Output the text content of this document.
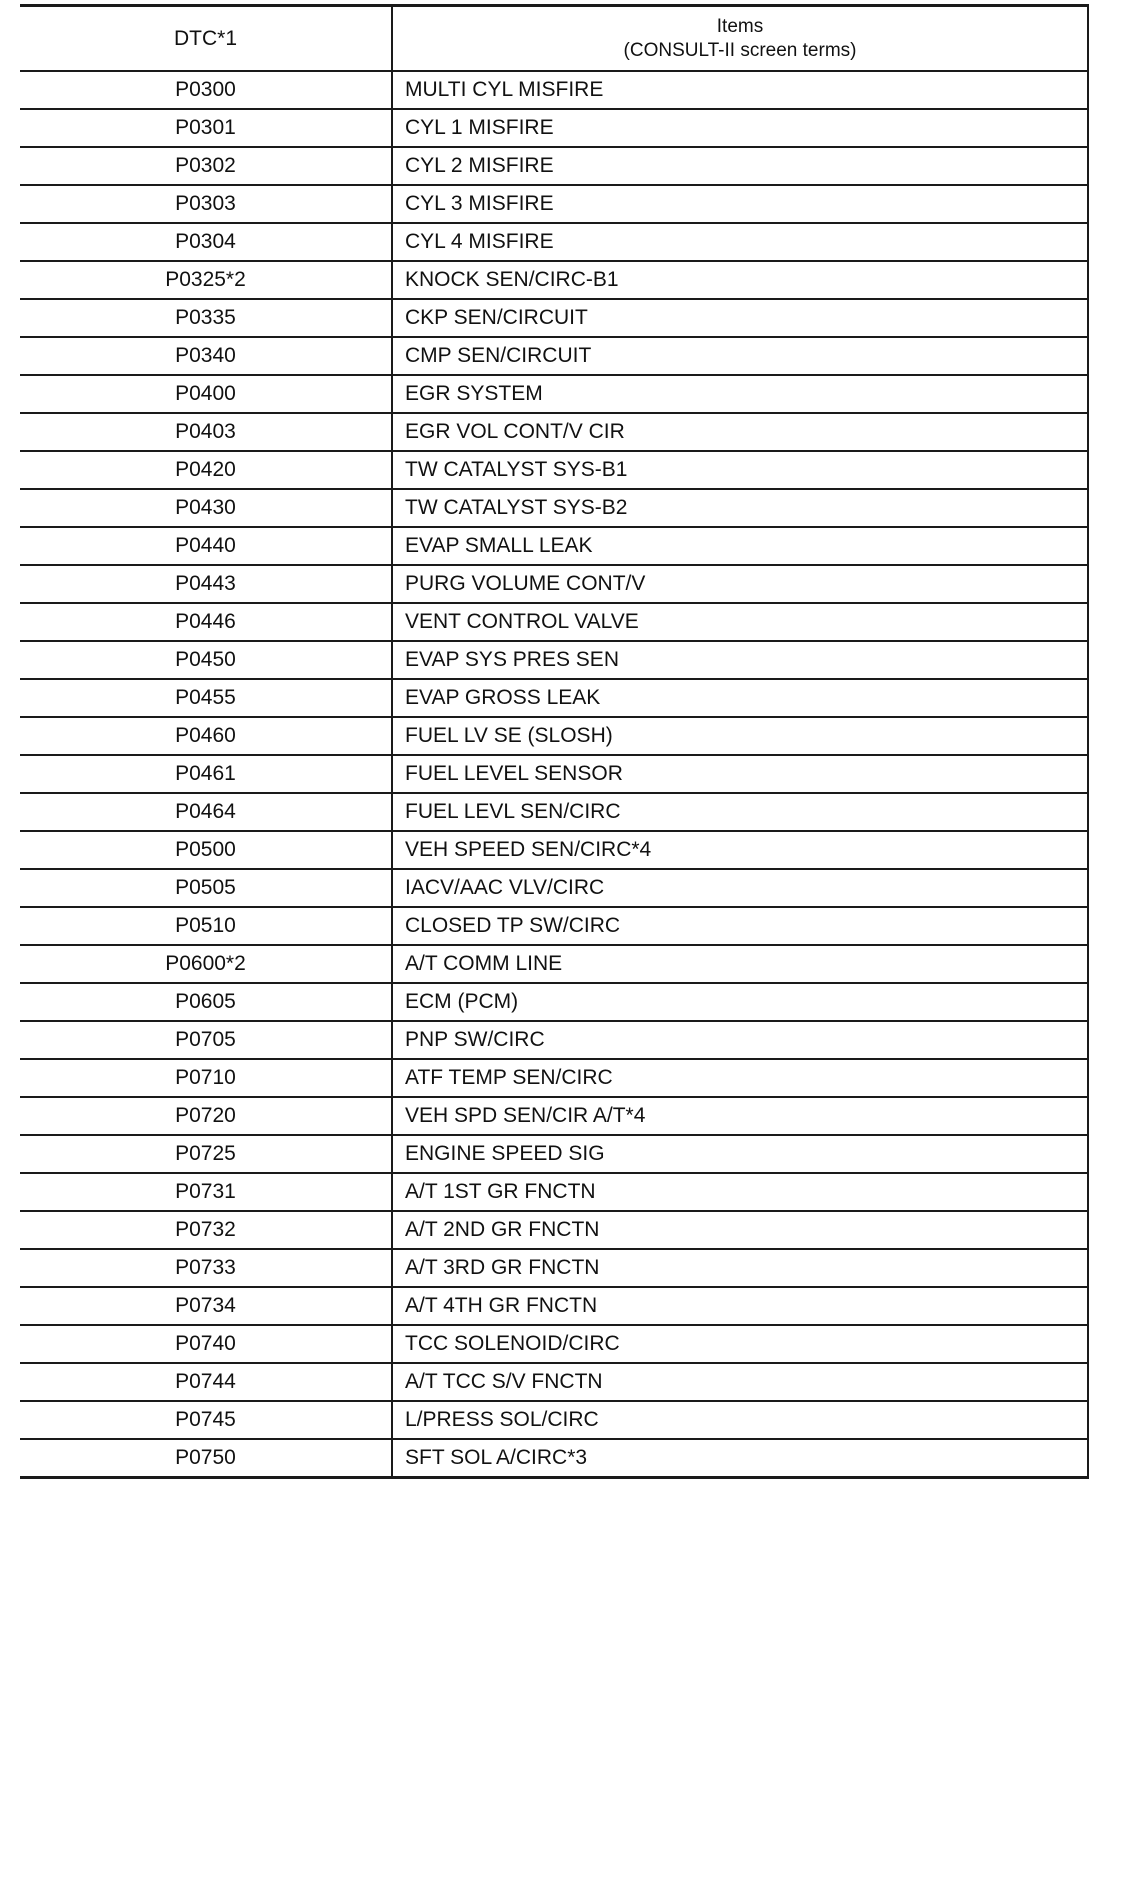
DTC*1	Items
(CONSULT-II screen terms)

P0300	MULTI CYL MISFIRE
P0301	CYL 1 MISFIRE
P0302	CYL 2 MISFIRE
P0303	CYL 3 MISFIRE
P0304	CYL 4 MISFIRE
P0325*2	KNOCK SEN/CIRC-B1
P0335	CKP SEN/CIRCUIT
P0340	CMP SEN/CIRCUIT
P0400	EGR SYSTEM
P0403	EGR VOL CONT/V CIR
P0420	TW CATALYST SYS-B1
P0430	TW CATALYST SYS-B2
P0440	EVAP SMALL LEAK
P0443	PURG VOLUME CONT/V
P0446	VENT CONTROL VALVE
P0450	EVAP SYS PRES SEN
P0455	EVAP GROSS LEAK
P0460	FUEL LV SE (SLOSH)
P0461	FUEL LEVEL SENSOR
P0464	FUEL LEVL SEN/CIRC
P0500	VEH SPEED SEN/CIRC*4
P0505	IACV/AAC VLV/CIRC
P0510	CLOSED TP SW/CIRC
P0600*2	A/T COMM LINE
P0605	ECM (PCM)
P0705	PNP SW/CIRC
P0710	ATF TEMP SEN/CIRC
P0720	VEH SPD SEN/CIR A/T*4
P0725	ENGINE SPEED SIG
P0731	A/T 1ST GR FNCTN
P0732	A/T 2ND GR FNCTN
P0733	A/T 3RD GR FNCTN
P0734	A/T 4TH GR FNCTN
P0740	TCC SOLENOID/CIRC
P0744	A/T TCC S/V FNCTN
P0745	L/PRESS SOL/CIRC
P0750	SFT SOL A/CIRC*3
